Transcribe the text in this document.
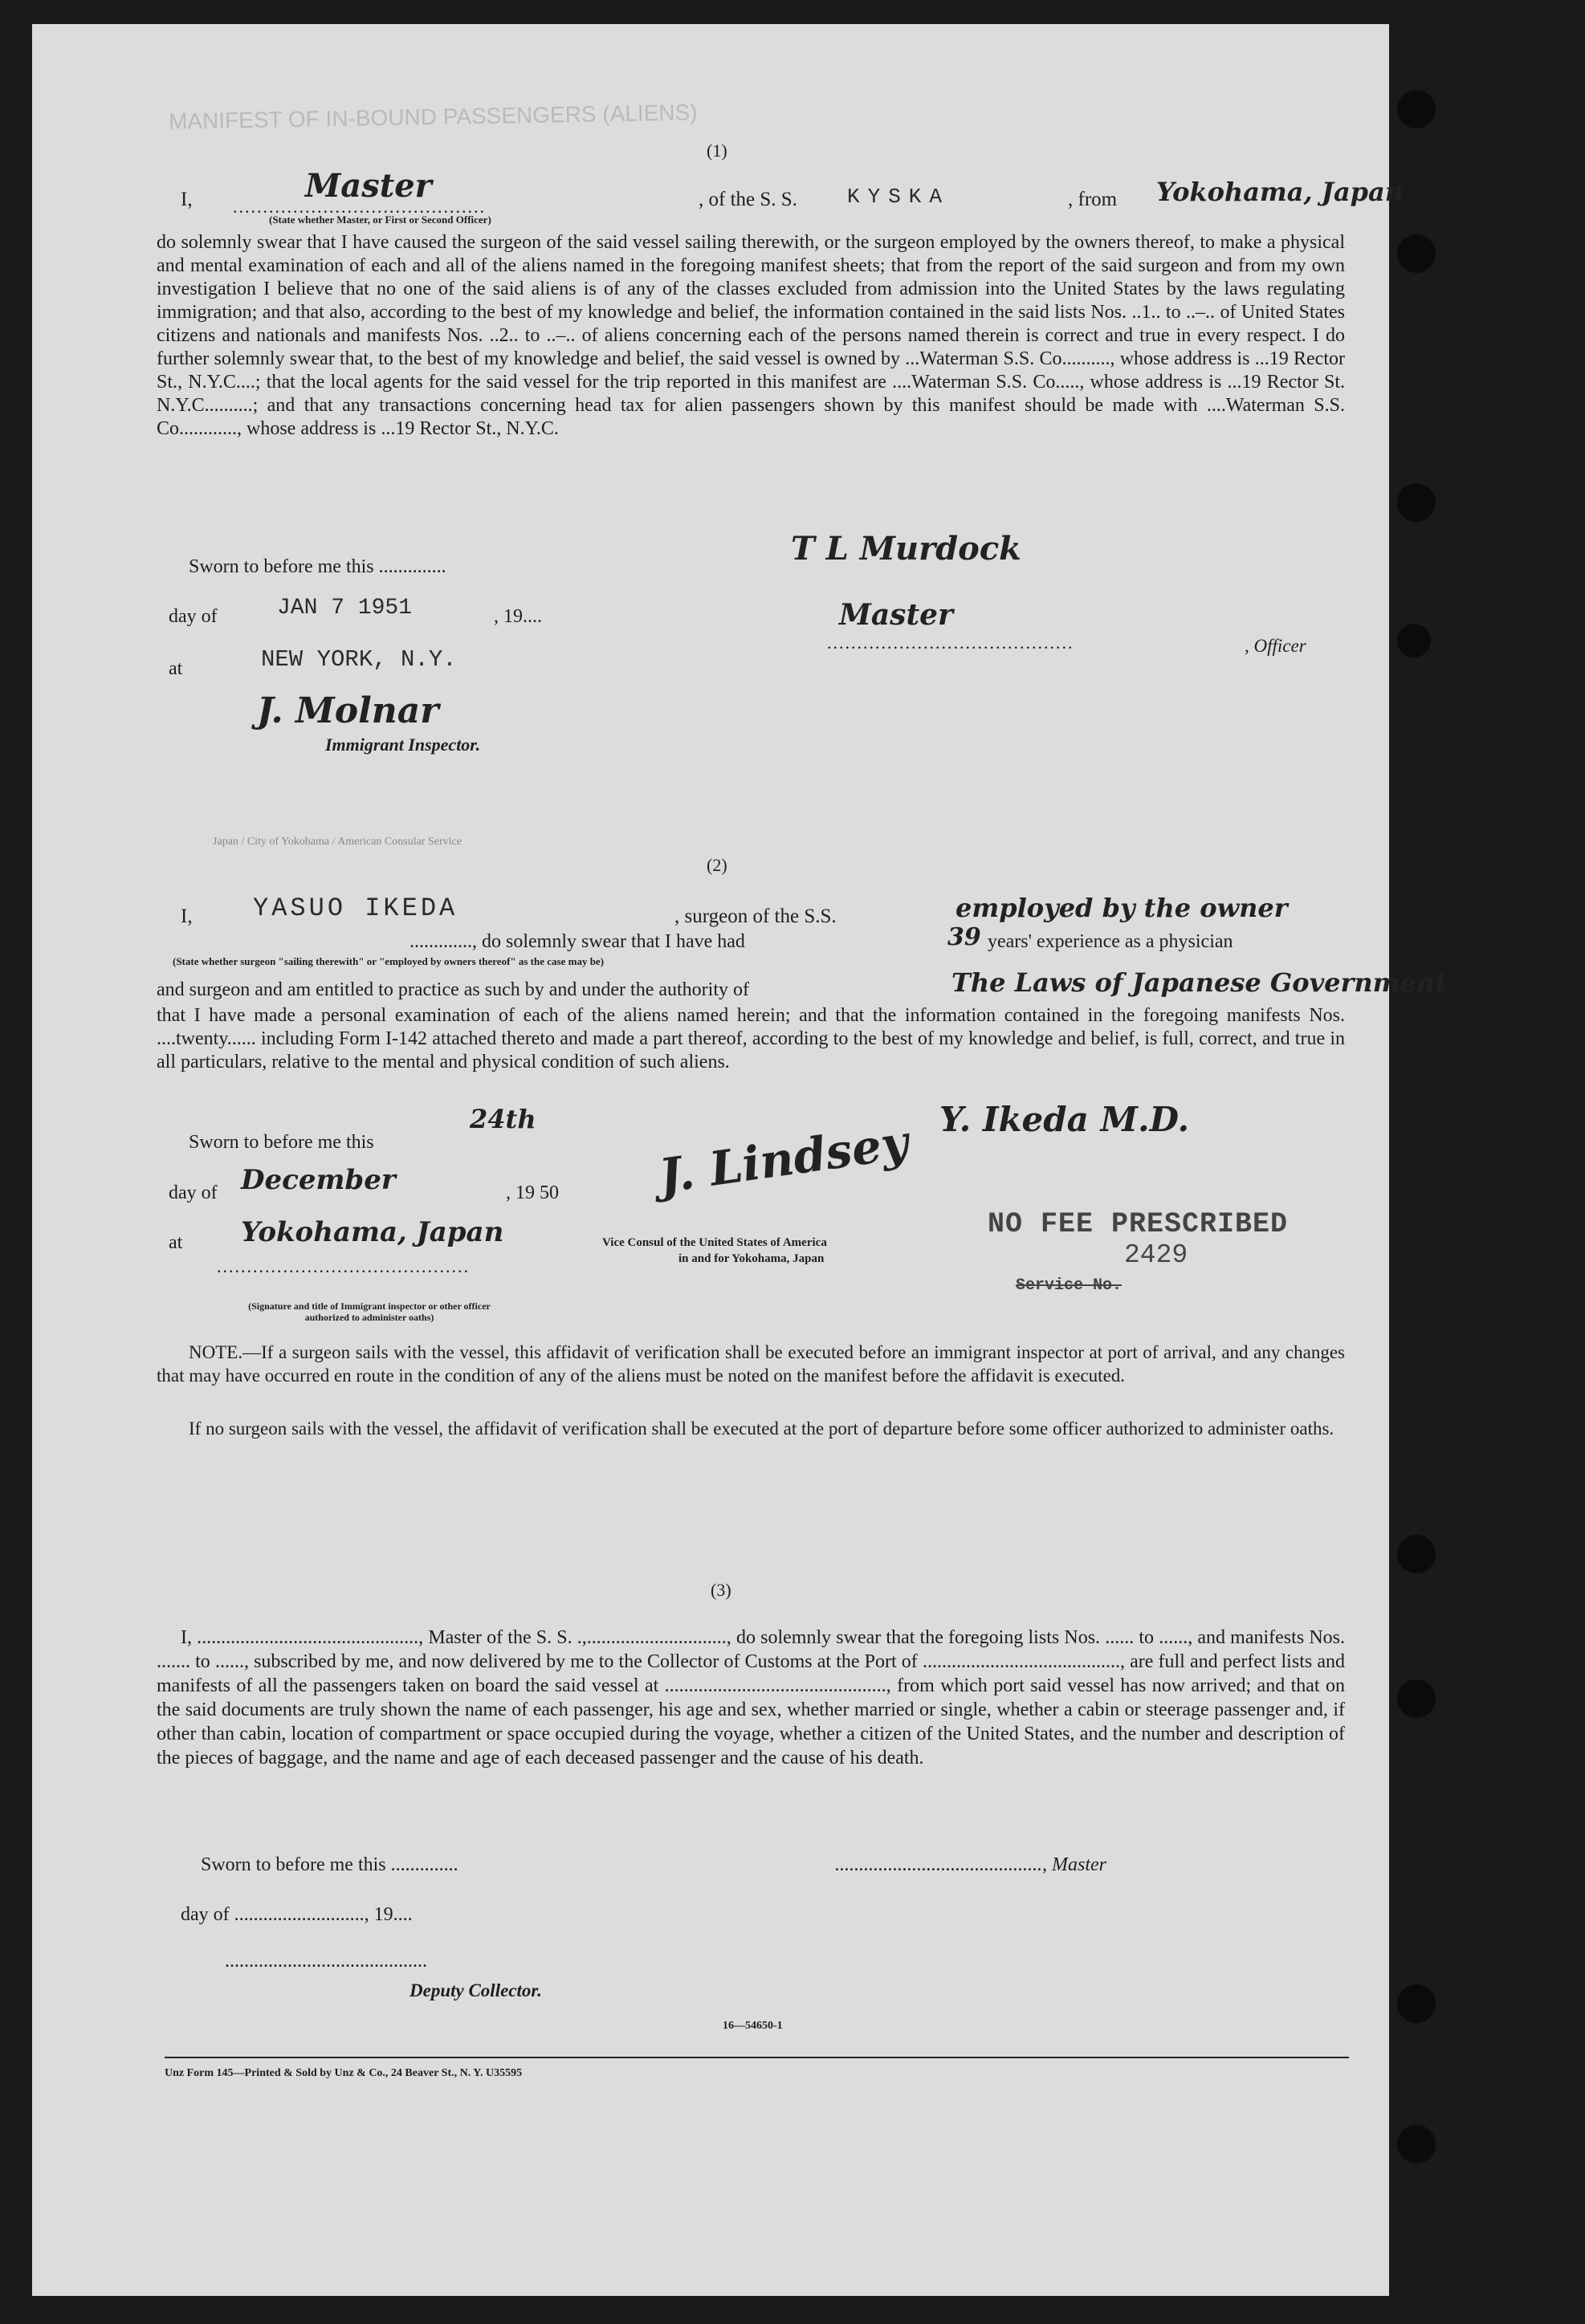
MANIFEST OF IN-BOUND PASSENGERS (ALIENS)
(1)
I,	Master
..........................................
(State whether Master, or First or Second Officer)
, of the S. S. KYSKA	, from Yokohama, Japan
do solemnly swear that I have caused the surgeon of the said vessel sailing therewith, or the surgeon employed by the owners thereof, to make a physical and mental examination of each and all of the aliens named in the foregoing manifest sheets; that from the report of the said surgeon and from my own investigation I believe that no one of the said aliens is of any of the classes excluded from admission into the United States by the laws regulating immigration; and that also, according to the best of my knowledge and belief, the information contained in the said lists Nos. ..1.. to ..–.. of United States citizens and nationals and manifests Nos. ..2.. to ..–.. of aliens concerning each of the persons named therein is correct and true in every respect. I do further solemnly swear that, to the best of my knowledge and belief, the said vessel is owned by ...Waterman S.S. Co.........., whose address is ...19 Rector St., N.Y.C....; that the local agents for the said vessel for the trip reported in this manifest are ....Waterman S.S. Co....., whose address is ...19 Rector St. N.Y.C..........; and that any transactions concerning head tax for alien passengers shown by this manifest should be made with ....Waterman S.S. Co............, whose address is ...19 Rector St., N.Y.C.
Sworn to before me this ..............	T L Murdock
day of	JAN 7 1951	, 19....	Master
.........................................	, Officer
at	NEW YORK, N.Y.
J. Molnar
Immigrant Inspector.
Japan / City of Yokohama / American Consular Service
(2)
I, YASUO IKEDA	, surgeon of the S.S.	employed by the owner
............., do solemnly swear that I have had	39 years' experience as a physician
(State whether surgeon "sailing therewith" or "employed by owners thereof" as the case may be)
and surgeon and am entitled to practice as such by and under the authority of	The Laws of Japanese Government
that I have made a personal examination of each of the aliens named herein; and that the information contained in the foregoing manifests Nos. ....twenty...... including Form I-142 attached thereto and made a part thereof, according to the best of my knowledge and belief, is full, correct, and true in all particulars, relative to the mental and physical condition of such aliens.
Y. Ikeda M.D.
Sworn to before me this
24th
day of December	, 19 50
at Yokohama, Japan
..........................................
(Signature and title of Immigrant inspector or other officer authorized to administer oaths)
J. Lindsey
Vice Consul of the United States of America
in and for Yokohama, Japan
NO FEE PRESCRIBED
2429
Service No.
NOTE.—If a surgeon sails with the vessel, this affidavit of verification shall be executed before an immigrant inspector at port of arrival, and any changes that may have occurred en route in the condition of any of the aliens must be noted on the manifest before the affidavit is executed.
If no surgeon sails with the vessel, the affidavit of verification shall be executed at the port of departure before some officer authorized to administer oaths.
(3)
I, .............................................., Master of the S. S. .,............................., do solemnly swear that the foregoing lists Nos. ...... to ......, and manifests Nos. ....... to ......, subscribed by me, and now delivered by me to the Collector of Customs at the Port of ........................................., are full and perfect lists and manifests of all the passengers taken on board the said vessel at .............................................., from which port said vessel has now arrived; and that on the said documents are truly shown the name of each passenger, his age and sex, whether married or single, whether a cabin or steerage passenger and, if other than cabin, location of compartment or space occupied during the voyage, whether a citizen of the United States, and the number and description of the pieces of baggage, and the name and age of each deceased passenger and the cause of his death.
Sworn to before me this ..............	..........................................., Master
day of ..........................., 19....
..........................................
Deputy Collector.
16—54650-1
Unz Form 145—Printed & Sold by Unz & Co., 24 Beaver St., N. Y. U35595
